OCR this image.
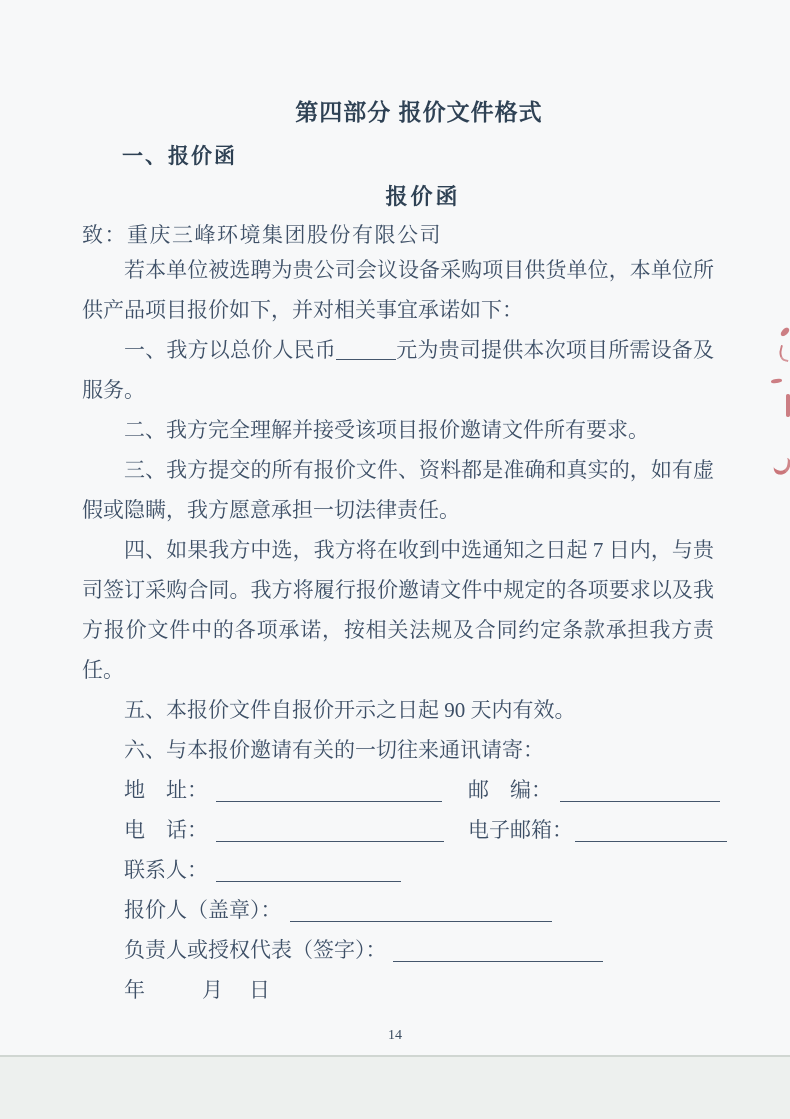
第四部分 报价文件格式
一、报价函
报价函
致：重庆三峰环境集团股份有限公司

若本单位被选聘为贵公司会议设备采购项目供货单位，本单位所供产品项目报价如下，并对相关事宜承诺如下：

一、我方以总价人民币	元为贵司提供本次项目所需设备及服务。

二、我方完全理解并接受该项目报价邀请文件所有要求。

三、我方提交的所有报价文件、资料都是准确和真实的，如有虚假或隐瞒，我方愿意承担一切法律责任。

四、如果我方中选，我方将在收到中选通知之日起 7 日内，与贵司签订采购合同。我方将履行报价邀请文件中规定的各项要求以及我方报价文件中的各项承诺，按相关法规及合同约定条款承担我方责任。

五、本报价文件自报价开示之日起 90 天内有效。

六、与本报价邀请有关的一切往来通讯请寄：

地　址：	邮　编：
电　话：	电子邮箱：
联系人：
报价人（盖章）：
负责人或授权代表（签字）：
年	月 日
14
